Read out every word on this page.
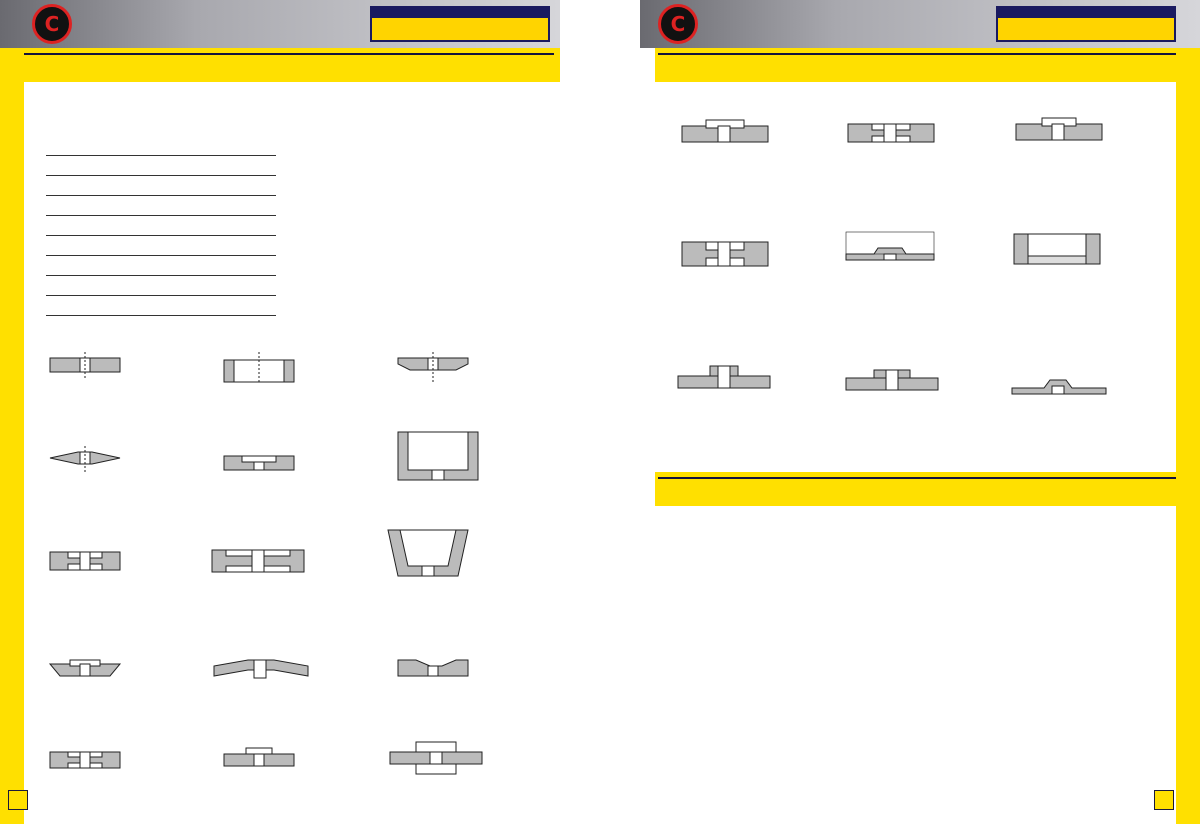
C	C
